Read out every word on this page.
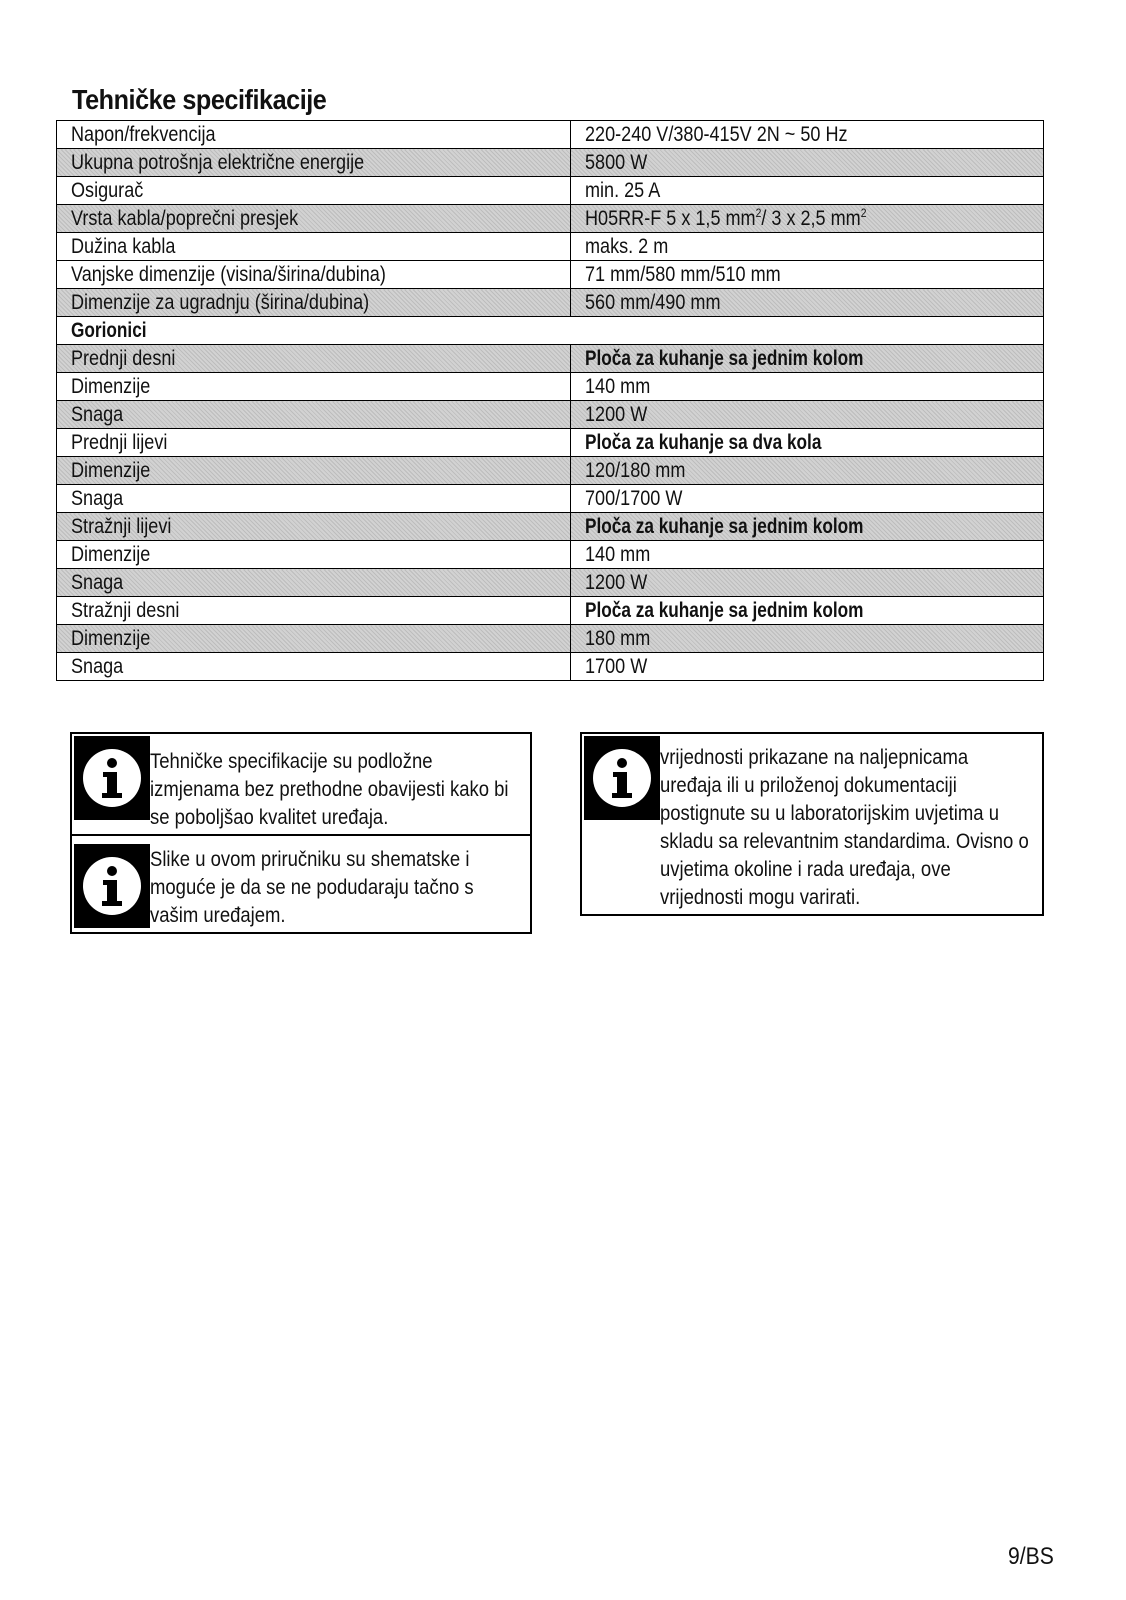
Tehničke specifikacije
Napon/frekvencija	220-240 V/380-415V 2N ~ 50 Hz
Ukupna potrošnja električne energije	5800 W
Osigurač	min. 25 A
Vrsta kabla/poprečni presjek	H05RR-F 5 x 1,5 $mm^2/$ 3 x 2,5 $mm^2$
Dužina kabla	maks. 2 m
Vanjske dimenzije (visina/širina/dubina)	71 mm/580 mm/510 mm
Dimenzije za ugradnju (širina/dubina)	560 mm/490 mm
Gorionici	
Prednji desni	Ploča za kuhanje sa jednim kolom
Dimenzije	140 mm
Snaga	1200 W
Prednji lijevi	Ploča za kuhanje sa dva kola
Dimenzije	120/180 mm
Snaga	700/1700 W
Stražnji lijevi	Ploča za kuhanje sa jednim kolom
Dimenzije	140 mm
Snaga	1200 W
Stražnji desni	Ploča za kuhanje sa jednim kolom
Dimenzije	180 mm
Snaga	1700 W
Tehničke specifikacije su podložne izmjenama bez prethodne obavijesti kako bi se poboljšao kvalitet uređaja.
Slike u ovom priručniku su shematske i moguće je da se ne podudaraju tačno s vašim uređajem.
vrijednosti prikazane na naljepnicama uređaja ili u priloženoj dokumentaciji postignute su u laboratorijskim uvjetima u skladu sa relevantnim standardima. Ovisno o uvjetima okoline i rada uređaja, ove vrijednosti mogu varirati.
9/BS
